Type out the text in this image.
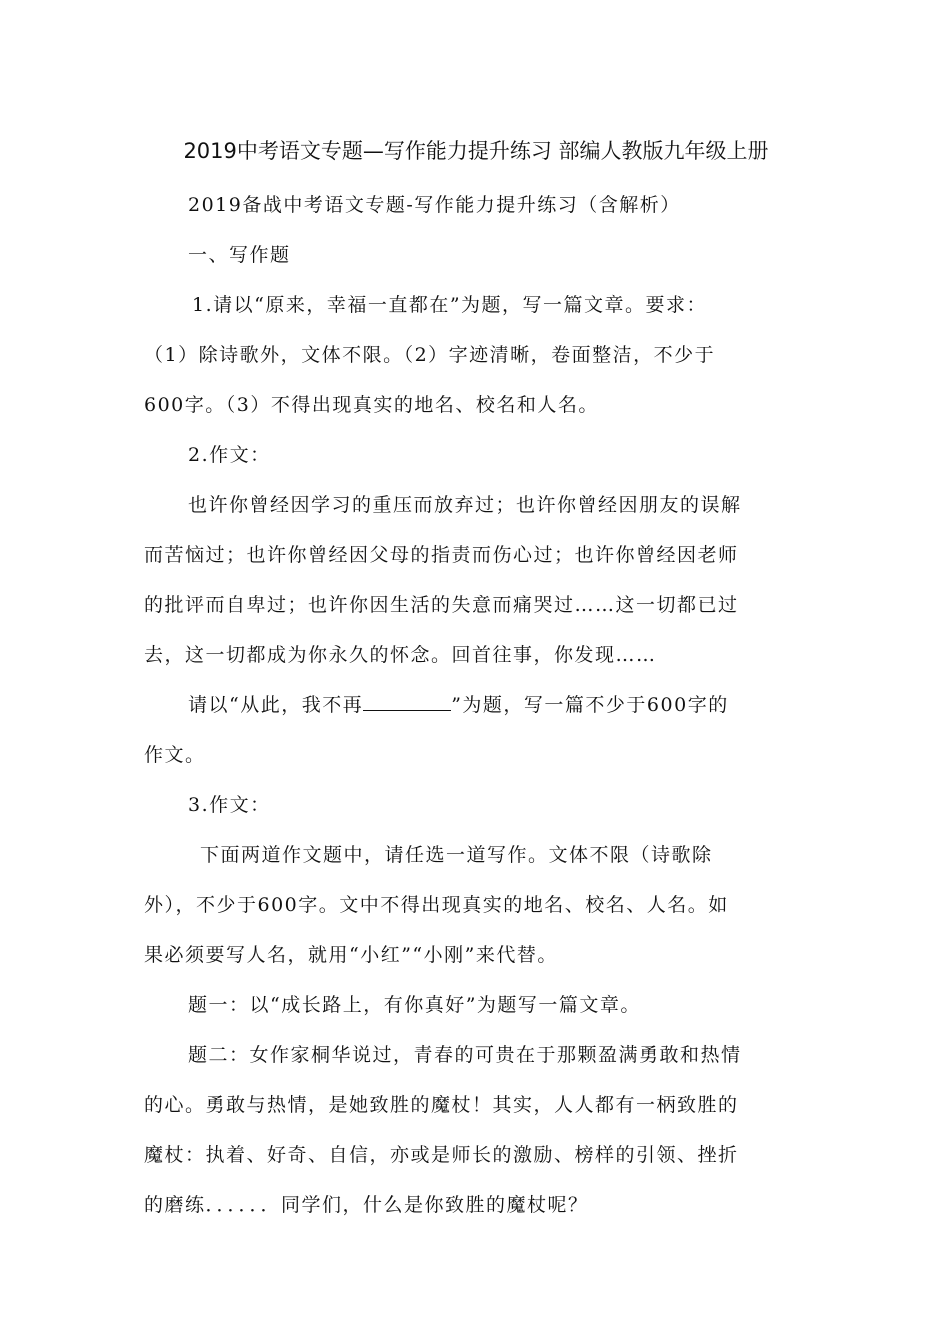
2019中考语文专题—写作能力提升练习 部编人教版九年级上册
2019备战中考语文专题-写作能力提升练习（含解析）
一、写作题
1.请以“原来，幸福一直都在”为题，写一篇文章。要求：
（1）除诗歌外，文体不限。（2）字迹清晰，卷面整洁，不少于
600字。（3）不得出现真实的地名、校名和人名。
2.作文：
也许你曾经因学习的重压而放弃过；也许你曾经因朋友的误解
而苦恼过；也许你曾经因父母的指责而伤心过；也许你曾经因老师
的批评而自卑过；也许你因生活的失意而痛哭过……这一切都已过
去，这一切都成为你永久的怀念。回首往事，你发现……
请以“从此，我不再	”为题，写一篇不少于600字的
作文。
3.作文：
下面两道作文题中，请任选一道写作。文体不限（诗歌除
外），不少于600字。文中不得出现真实的地名、校名、人名。如
果必须要写人名，就用“小红”“小刚”来代替。
题一：以“成长路上，有你真好”为题写一篇文章。
题二：女作家桐华说过，青春的可贵在于那颗盈满勇敢和热情
的心。勇敢与热情，是她致胜的魔杖！其实，人人都有一柄致胜的
魔杖：执着、好奇、自信，亦或是师长的激励、榜样的引领、挫折
的磨练．．．．．．同学们，什么是你致胜的魔杖呢？
